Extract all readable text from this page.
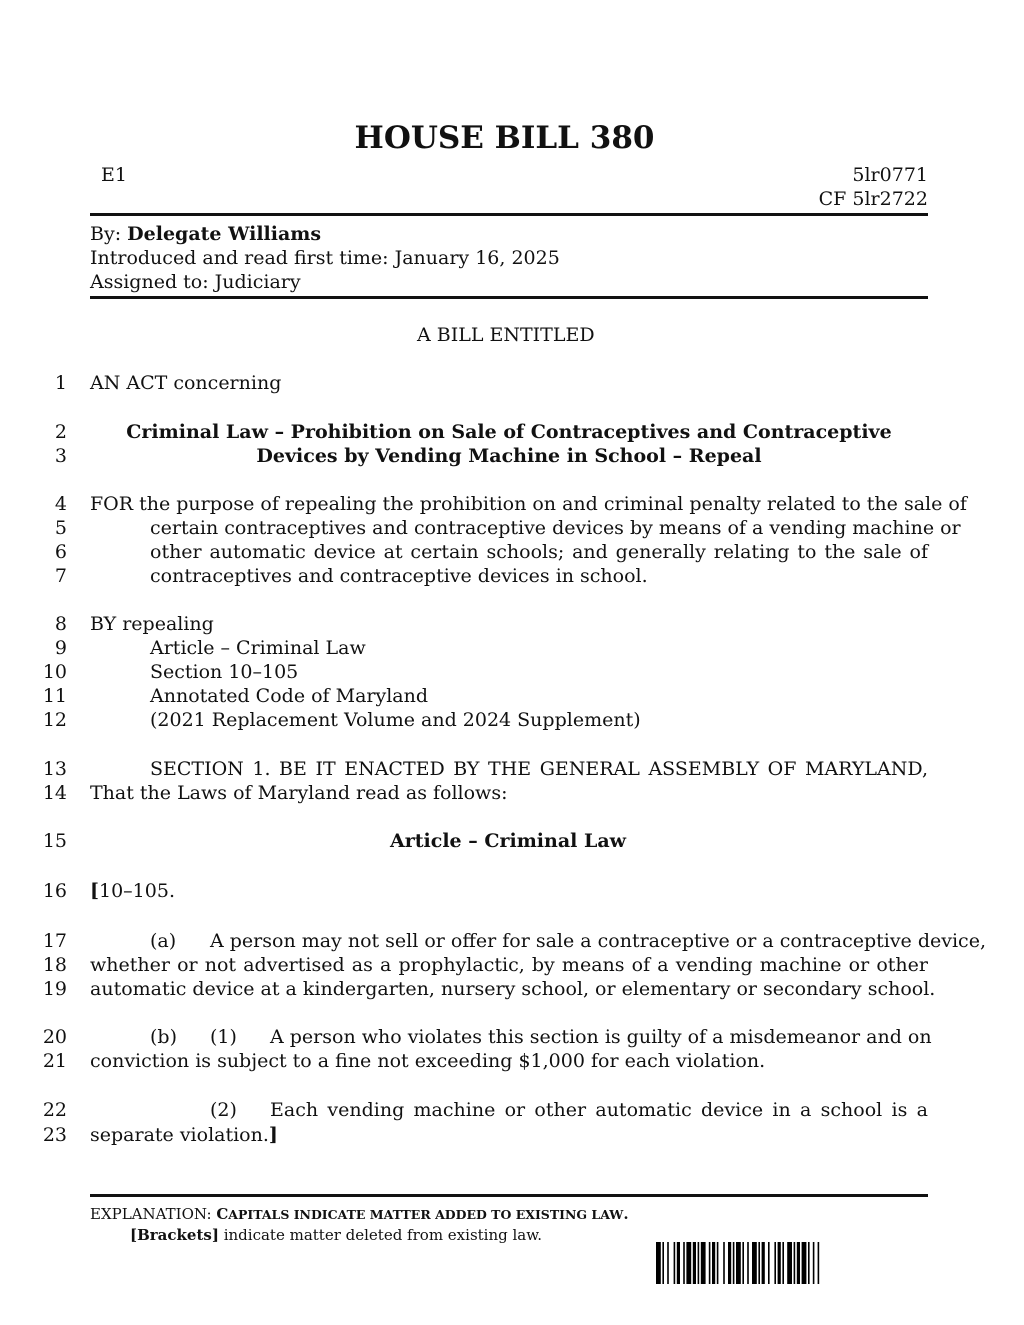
HOUSE BILL 380
E1	5lr0771
CF 5lr2722
By: Delegate Williams
Introduced and read first time: January 16, 2025
Assigned to: Judiciary
A BILL ENTITLED
1
2
3
4
5
6
7
8
9
10
11
12
13
14
15
16
17
18
19
20
21
22
23
AN ACT concerning
Criminal Law – Prohibition on Sale of Contraceptives and Contraceptive
Devices by Vending Machine in School – Repeal
FOR the purpose of repealing the prohibition on and criminal penalty related to the sale of
certain contraceptives and contraceptive devices by means of a vending machine or
other automatic device at certain schools; and generally relating to the sale of
contraceptives and contraceptive devices in school.
BY repealing
Article – Criminal Law
Section 10–105
Annotated Code of Maryland
(2021 Replacement Volume and 2024 Supplement)
SECTION 1. BE IT ENACTED BY THE GENERAL ASSEMBLY OF MARYLAND,
That the Laws of Maryland read as follows:
Article – Criminal Law
[10–105.
(a) A person may not sell or offer for sale a contraceptive or a contraceptive device,
whether or not advertised as a prophylactic, by means of a vending machine or other
automatic device at a kindergarten, nursery school, or elementary or secondary school.
(b) (1) A person who violates this section is guilty of a misdemeanor and on
conviction is subject to a fine not exceeding $1,000 for each violation.
(2) Each vending machine or other automatic device in a school is a
separate violation.]
EXPLANATION: CAPITALS INDICATE MATTER ADDED TO EXISTING LAW.
[Brackets] indicate matter deleted from existing law.
